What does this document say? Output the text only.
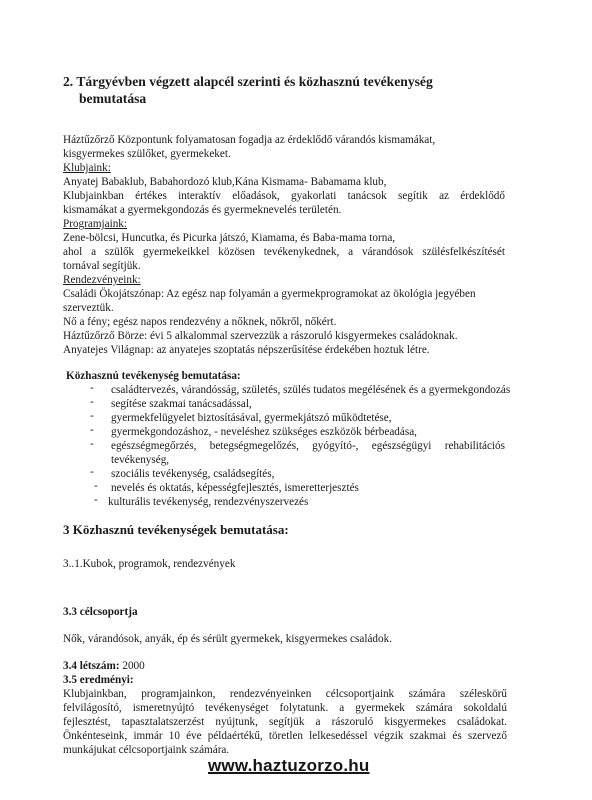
2. Tárgyévben végzett alapcél szerinti és közhasznú tevékenység
bemutatása
Háztűzőrző Központunk folyamatosan fogadja az érdeklődő várandós kismamákat,
kisgyermekes szülőket, gyermekeket.
Klubjaink:
Anyatej Babaklub, Babahordozó klub,Kána Kismama- Babamama klub,
Klubjainkban értékes interaktív előadások, gyakorlati tanácsok segítik az érdeklődő
kismamákat a gyermekgondozás és gyermeknevelés területén.
Programjaink:
Zene-bölcsi, Huncutka, és Picurka játszó, Kiamama, és Baba-mama torna,
ahol a szülők gyermekeikkel közösen tevékenykednek, a várandósok szülésfelkészítését
tornával segítjük.
Rendezvényeink:
Családi Ökojátszónap: Az egész nap folyamán a gyermekprogramokat az ökológia jegyében
szerveztük.
Nő a fény; egész napos rendezvény a nőknek, nőkről, nőkért.
Háztűzőrző Börze: évi 5 alkalommal szervezzük a rászoruló kisgyermekes családoknak.
Anyatejes Világnap: az anyatejes szoptatás népszerűsítése érdekében hoztuk létre.
Közhasznú tevékenység bemutatása:
- családtervezés, várandósság, születés, szülés tudatos megélésének és a gyermekgondozás
- segítése szakmai tanácsadással,
- gyermekfelügyelet biztosításával, gyermekjátszó működtetése,
- gyermekgondozáshoz, - neveléshez szükséges eszközök bérbeadása,
- egészségmegőrzés, betegségmegelőzés, gyógyító-, egészségügyi rehabilitációs
tevékenység,
- szociális tevékenység, családsegítés,
- nevelés és oktatás, képességfejlesztés, ismeretterjesztés
- kulturális tevékenység, rendezvényszervezés
3 Közhasznú tevékenységek bemutatása:
3..1.Kubok, programok, rendezvények
3.3 célcsoportja
Nők, várandósok, anyák, ép és sérült gyermekek, kisgyermekes családok.
3.4 létszám: 2000
3.5 eredményi:
Klubjainkban, programjainkon, rendezvényeinken célcsoportjaink számára széleskörű
felvilágosító, ismeretnyújtó tevékenységet folytatunk. a gyermekek számára sokoldalú
fejlesztést, tapasztalatszerzést nyújtunk, segítjük a rászoruló kisgyermekes családokat.
Önkénteseink, immár 10 éve példaértékű, töretlen lelkesedéssel végzik szakmai és szervező
munkájukat célcsoportjaink számára.
www.haztuzorzo.hu
